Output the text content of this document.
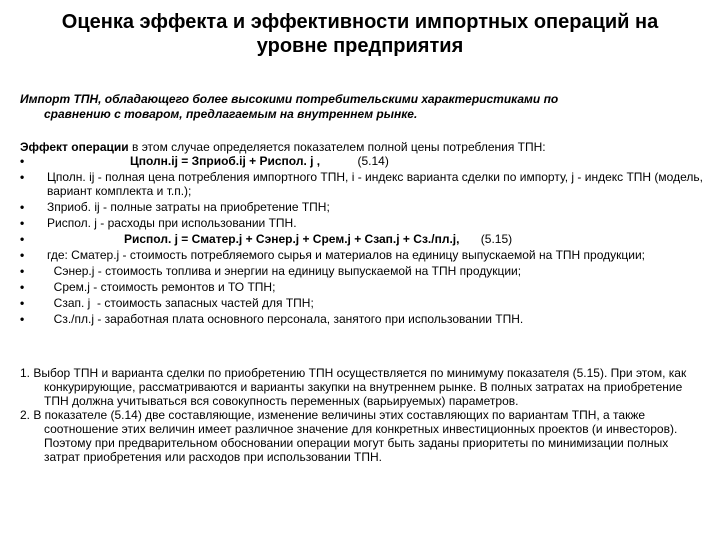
Оценка эффекта и эффективности импортных операций на уровне предприятия
Импорт ТПН, обладающего более высокими потребительскими характеристиками по
сравнению с товаром, предлагаемым на внутреннем рынке.
Эффект операции в этом случае определяется показателем полной цены потребления ТПН:
•	Цполн.ij = Зприоб.ij + Риспол. j ,	(5.14)
• Цполн. ij - полная цена потребления импортного ТПН, i - индекс варианта сделки по импорту, j - индекс ТПН (модель, вариант комплекта и т.п.);
• Зприоб. ij - полные затраты на приобретение ТПН;
• Риспол. j - расходы при использовании ТПН.
•	Риспол. j = Сматер.j + Сэнер.j + Срем.j + Сзап.j + Сз./пл.j, (5.15)
• где: Сматер.j - стоимость потребляемого сырья и материалов на единицу выпускаемой на ТПН продукции;
• Сэнер.j - стоимость топлива и энергии на единицу выпускаемой на ТПН продукции;
• Срем.j - стоимость ремонтов и ТО ТПН;
• Сзап. j  - стоимость запасных частей для ТПН;
• Сз./пл.j - заработная плата основного персонала, занятого при использовании ТПН.
1. Выбор ТПН и варианта сделки по приобретению ТПН осуществляется по минимуму показателя (5.15). При этом, как конкурирующие, рассматриваются и варианты закупки на внутреннем рынке. В полных затратах на приобретение ТПН должна учитываться вся совокупность переменных (варьируемых) параметров.
2. В показателе (5.14) две составляющие, изменение величины этих составляющих по вариантам ТПН, а также соотношение этих величин имеет различное значение для конкретных инвестиционных проектов (и инвесторов). Поэтому при предварительном обосновании операции могут быть заданы приоритеты по минимизации полных затрат приобретения или расходов при использовании ТПН.
